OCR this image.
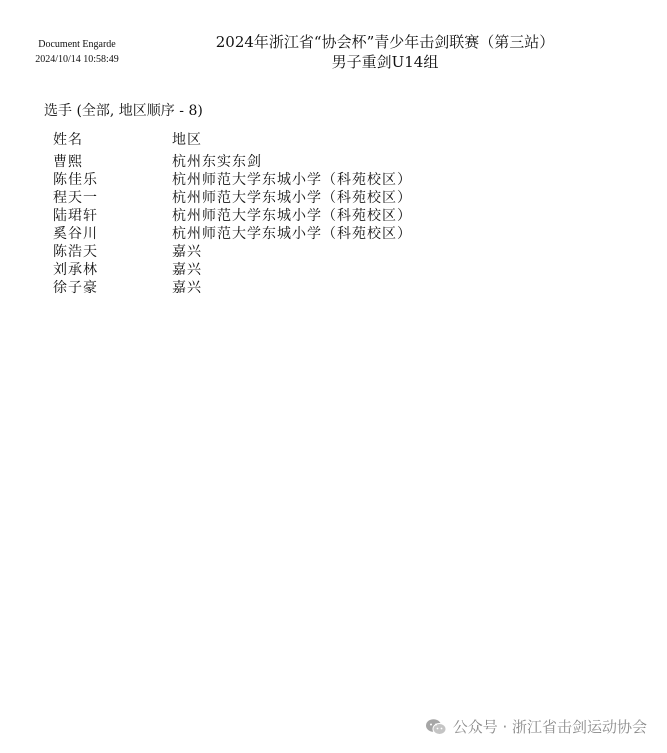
Document Engarde
2024/10/14 10:58:49
2024年浙江省“协会杯”青少年击剑联赛（第三站）
男子重剑U14组
选手 (全部, 地区顺序 - 8)
姓名	地区
曹熙	杭州东实东剑
陈佳乐	杭州师范大学东城小学（科苑校区）
程天一	杭州师范大学东城小学（科苑校区）
陆珺轩	杭州师范大学东城小学（科苑校区）
奚谷川	杭州师范大学东城小学（科苑校区）
陈浩天	嘉兴
刘承林	嘉兴
徐子豪	嘉兴
公众号 · 浙江省击剑运动协会
